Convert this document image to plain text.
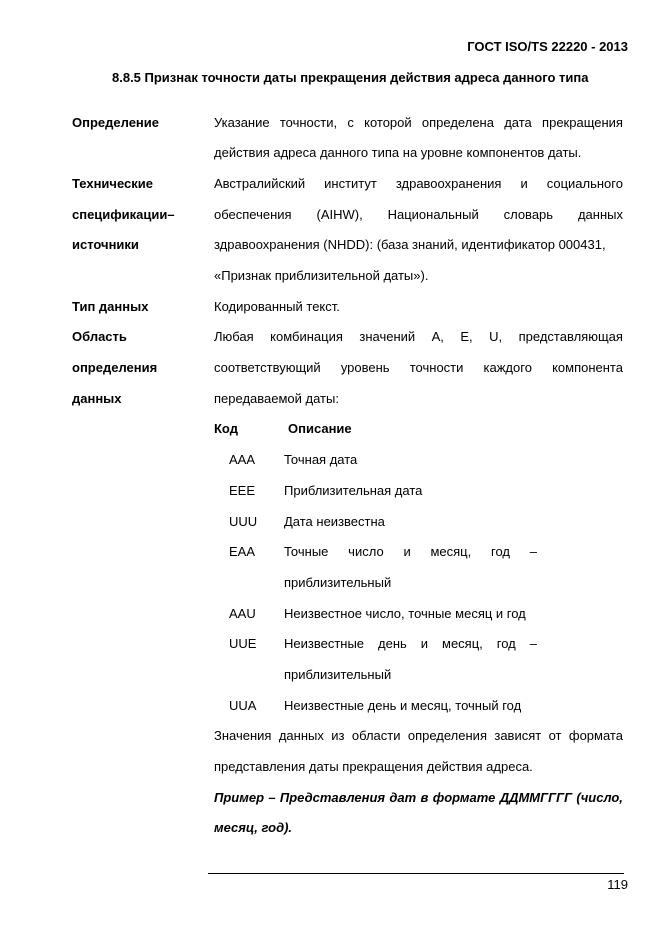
ГОСТ ISO/TS 22220 - 2013
8.8.5 Признак точности даты прекращения действия адреса данного типа
Определение
Технические
спецификации–
источники
Тип данных
Область
определения
данных
Указание точности, с которой определена дата прекращения
действия адреса данного типа на уровне компонентов даты.
Австралийский институт здравоохранения и социального
обеспечения (AIHW), Национальный словарь данных
здравоохранения (NHDD): (база знаний, идентификатор 000431,
«Признак приблизительной даты»).
Кодированный текст.
Любая комбинация значений А, Е, U, представляющая
соответствующий уровень точности каждого компонента
передаваемой даты:
Код	Описание
AAA Точная дата
EEE Приблизительная дата
UUU Дата неизвестна
EAA Точные число и месяц, год –
приблизительный
AAU Неизвестное число, точные месяц и год
UUE Неизвестные день и месяц, год –
приблизительный
UUA Неизвестные день и месяц, точный год
Значения данных из области определения зависят от формата
представления даты прекращения действия адреса.
Пример – Представления дат в формате ДДММГГГГ (число,
месяц, год).
119
